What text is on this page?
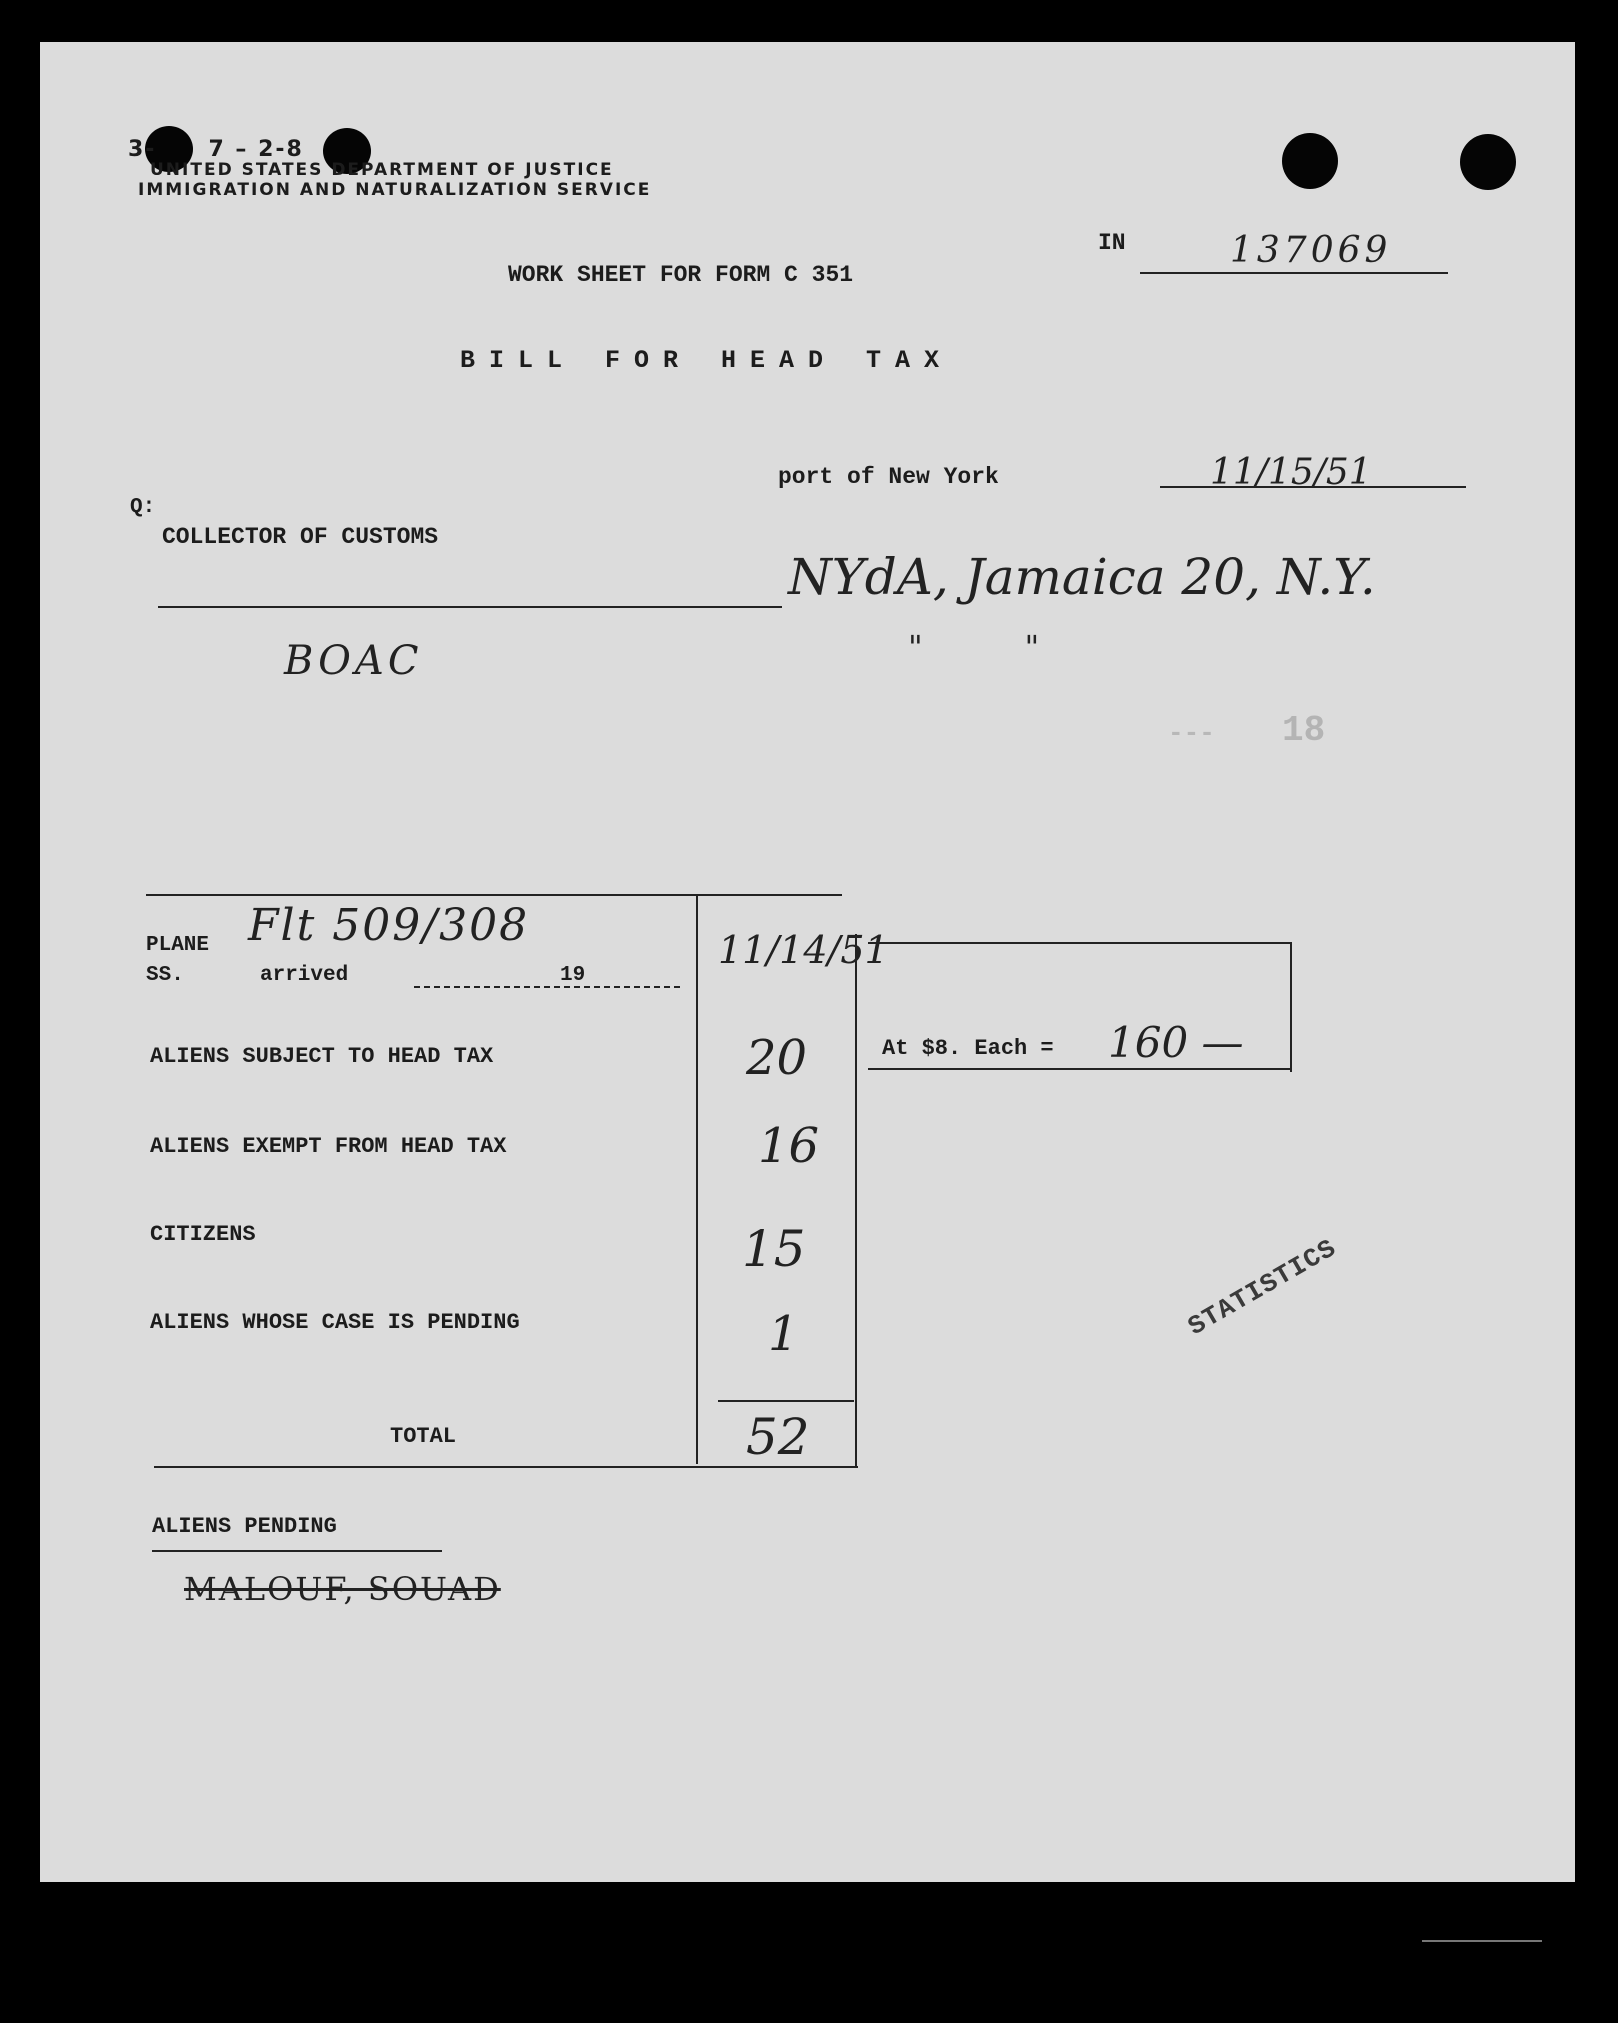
3- 7 – 2-8
UNITED STATES DEPARTMENT OF JUSTICE
IMMIGRATION AND NATURALIZATION SERVICE
IN	137069
WORK SHEET FOR FORM C 351
BILL FOR HEAD TAX
port of New York	11/15/51
Q:
COLLECTOR OF CUSTOMS
NYdA, Jamaica 20, N.Y.
"          "
BOAC
--- 18
PLANE Flt 509/308
SS.	arrived	19
11/14/51
ALIENS SUBJECT TO HEAD TAX	20
ALIENS EXEMPT FROM HEAD TAX	16
CITIZENS	15
ALIENS WHOSE CASE IS PENDING	1
TOTAL	52
At $8. Each = 160 —
ALIENS PENDING
MALOUF, SOUAD
STATISTICS
